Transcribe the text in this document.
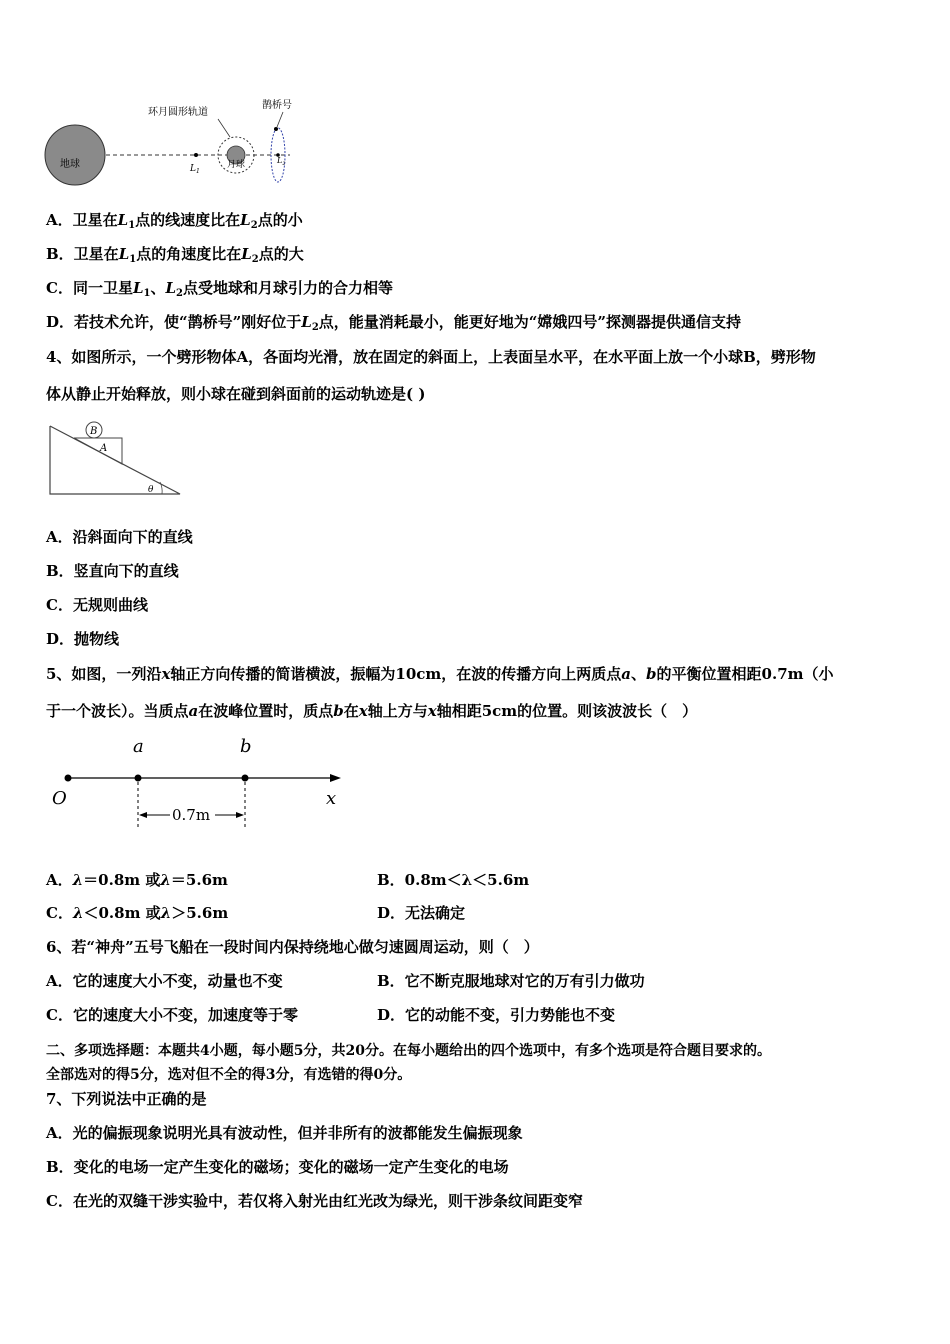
地球	$L_1$
月球
环月圆形轨道
鹊桥号
$L_2$
A．卫星在$L_1$点的线速度比在$L_2$点的小
B．卫星在$L_1$点的角速度比在$L_2$点的大
C．同一卫星$L_1$、$L_2$点受地球和月球引力的合力相等
D．若技术允许，使“鹊桥号”刚好位于$L_2$点，能量消耗最小，能更好地为“嫦娥四号”探测器提供通信支持
4、如图所示，一个劈形物体A，各面均光滑，放在固定的斜面上，上表面呈水平，在水平面上放一个小球B，劈形物
体从静止开始释放，则小球在碰到斜面前的运动轨迹是( )
A
B
θ
A．沿斜面向下的直线
B．竖直向下的直线
C．无规则曲线
D．抛物线
5、如图，一列沿x轴正方向传播的简谐横波，振幅为10cm，在波的传播方向上两质点a、b的平衡位置相距0.7m（小
于一个波长）。当质点a在波峰位置时，质点b在x轴上方与x轴相距5cm的位置。则该波波长（　）
a	b
O	x
0.7m
A．λ＝0.8m 或λ＝5.6m	B．0.8m＜λ＜5.6m
C．λ＜0.8m 或λ＞5.6m	D．无法确定
6、若“神舟”五号飞船在一段时间内保持绕地心做匀速圆周运动，则（　）
A．它的速度大小不变，动量也不变	B．它不断克服地球对它的万有引力做功
C．它的速度大小不变，加速度等于零	D．它的动能不变，引力势能也不变
二、多项选择题：本题共4小题，每小题5分，共20分。在每小题给出的四个选项中，有多个选项是符合题目要求的。
全部选对的得5分，选对但不全的得3分，有选错的得0分。
7、下列说法中正确的是
A．光的偏振现象说明光具有波动性，但并非所有的波都能发生偏振现象
B．变化的电场一定产生变化的磁场；变化的磁场一定产生变化的电场
C．在光的双缝干涉实验中，若仅将入射光由红光改为绿光，则干涉条纹间距变窄
